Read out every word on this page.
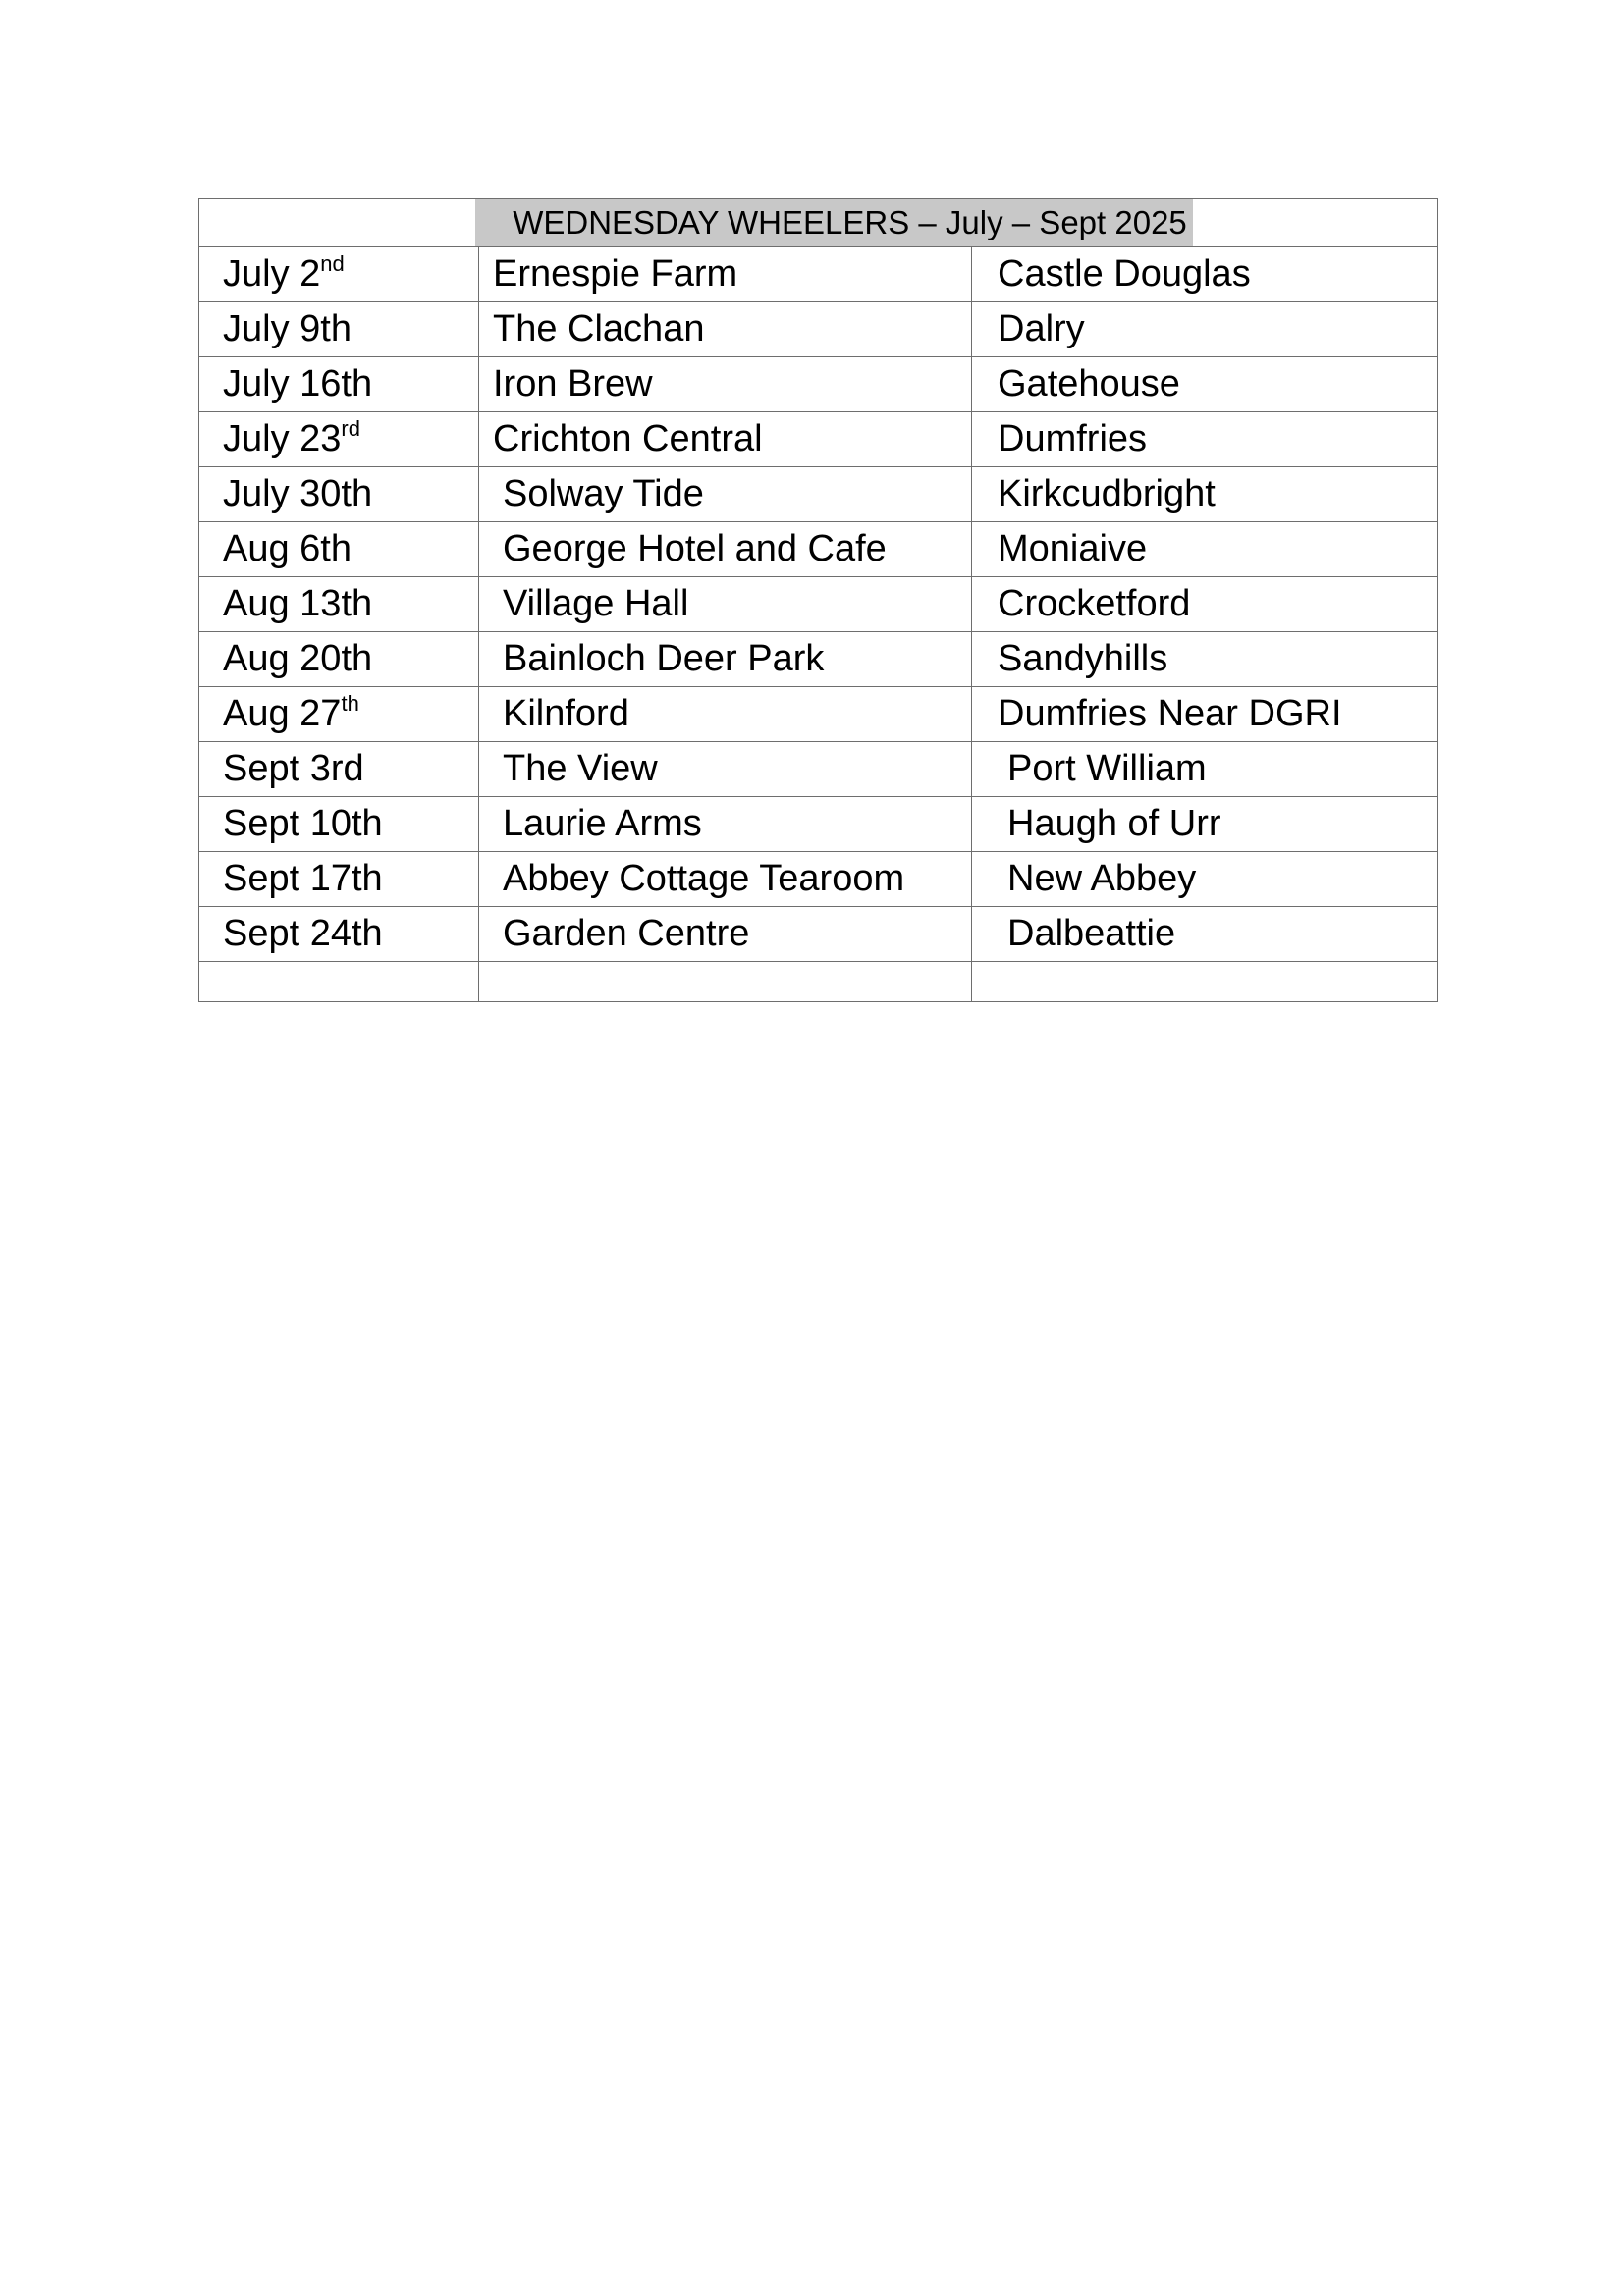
WEDNESDAY WHEELERS – July – Sept 2025		
July 2nd	Ernespie Farm	Castle Douglas
July 9th	The Clachan	Dalry
July 16th	Iron Brew	Gatehouse
July 23rd	Crichton Central	Dumfries
July 30th	Solway Tide	Kirkcudbright
Aug 6th	George Hotel and Cafe	Moniaive
Aug 13th	Village Hall	Crocketford
Aug 20th	Bainloch Deer Park	Sandyhills
Aug 27th	Kilnford	Dumfries Near DGRI
Sept 3rd	The View	Port William
Sept 10th	Laurie Arms	Haugh of Urr
Sept 17th	Abbey Cottage Tearoom	New Abbey
Sept 24th	Garden Centre	Dalbeattie
